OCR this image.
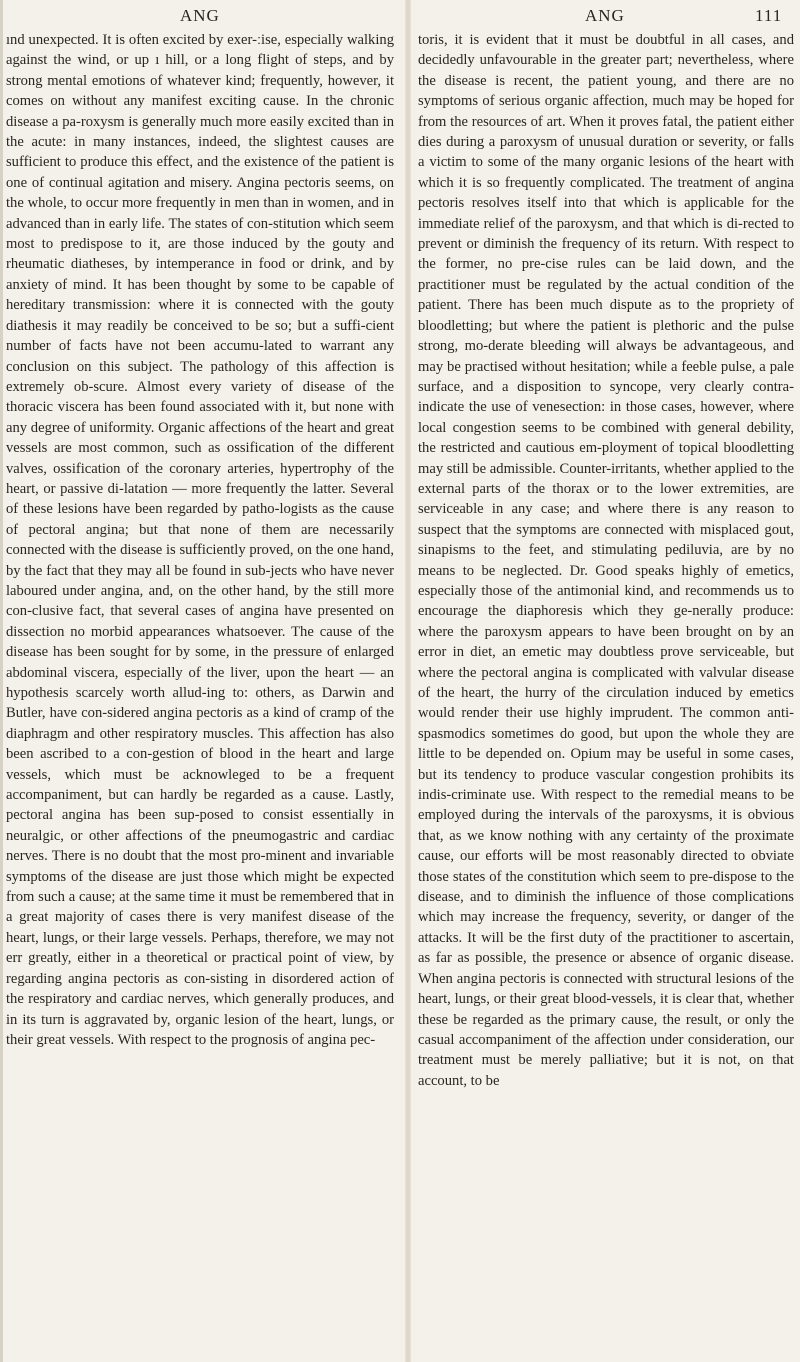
ANG	ANG	111

ınd unexpected. It is often excited by exer-ːise, especially walking against the wind, or up ı hill, or a long flight of steps, and by strong mental emotions of whatever kind; frequently, however, it comes on without any manifest exciting cause. In the chronic disease a pa-roxysm is generally much more easily excited than in the acute: in many instances, indeed, the slightest causes are sufficient to produce this effect, and the existence of the patient is one of continual agitation and misery. Angina pectoris seems, on the whole, to occur more frequently in men than in women, and in advanced than in early life. The states of con-stitution which seem most to predispose to it, are those induced by the gouty and rheumatic diatheses, by intemperance in food or drink, and by anxiety of mind. It has been thought by some to be capable of hereditary transmission: where it is connected with the gouty diathesis it may readily be conceived to be so; but a suffi-cient number of facts have not been accumu-lated to warrant any conclusion on this subject. The pathology of this affection is extremely ob-scure. Almost every variety of disease of the thoracic viscera has been found associated with it, but none with any degree of uniformity. Organic affections of the heart and great vessels are most common, such as ossification of the different valves, ossification of the coronary arteries, hypertrophy of the heart, or passive di-latation — more frequently the latter. Several of these lesions have been regarded by patho-logists as the cause of pectoral angina; but that none of them are necessarily connected with the disease is sufficiently proved, on the one hand, by the fact that they may all be found in sub-jects who have never laboured under angina, and, on the other hand, by the still more con-clusive fact, that several cases of angina have presented on dissection no morbid appearances whatsoever. The cause of the disease has been sought for by some, in the pressure of enlarged abdominal viscera, especially of the liver, upon the heart — an hypothesis scarcely worth allud-ing to: others, as Darwin and Butler, have con-sidered angina pectoris as a kind of cramp of the diaphragm and other respiratory muscles. This affection has also been ascribed to a con-gestion of blood in the heart and large vessels, which must be acknowleged to be a frequent accompaniment, but can hardly be regarded as a cause. Lastly, pectoral angina has been sup-posed to consist essentially in neuralgic, or other affections of the pneumogastric and cardiac nerves. There is no doubt that the most pro-minent and invariable symptoms of the disease are just those which might be expected from such a cause; at the same time it must be remembered that in a great majority of cases there is very manifest disease of the heart, lungs, or their large vessels. Perhaps, therefore, we may not err greatly, either in a theoretical or practical point of view, by regarding angina pectoris as con-sisting in disordered action of the respiratory and cardiac nerves, which generally produces, and in its turn is aggravated by, organic lesion of the heart, lungs, or their great vessels. With respect to the prognosis of angina pec-

toris, it is evident that it must be doubtful in all cases, and decidedly unfavourable in the greater part; nevertheless, where the disease is recent, the patient young, and there are no symptoms of serious organic affection, much may be hoped for from the resources of art. When it proves fatal, the patient either dies during a paroxysm of unusual duration or severity, or falls a victim to some of the many organic lesions of the heart with which it is so frequently complicated. The treatment of angina pectoris resolves itself into that which is applicable for the immediate relief of the paroxysm, and that which is di-rected to prevent or diminish the frequency of its return. With respect to the former, no pre-cise rules can be laid down, and the practitioner must be regulated by the actual condition of the patient. There has been much dispute as to the propriety of bloodletting; but where the patient is plethoric and the pulse strong, mo-derate bleeding will always be advantageous, and may be practised without hesitation; while a feeble pulse, a pale surface, and a disposition to syncope, very clearly contra-indicate the use of venesection: in those cases, however, where local congestion seems to be combined with general debility, the restricted and cautious em-ployment of topical bloodletting may still be admissible. Counter-irritants, whether applied to the external parts of the thorax or to the lower extremities, are serviceable in any case; and where there is any reason to suspect that the symptoms are connected with misplaced gout, sinapisms to the feet, and stimulating pediluvia, are by no means to be neglected. Dr. Good speaks highly of emetics, especially those of the antimonial kind, and recommends us to encourage the diaphoresis which they ge-nerally produce: where the paroxysm appears to have been brought on by an error in diet, an emetic may doubtless prove serviceable, but where the pectoral angina is complicated with valvular disease of the heart, the hurry of the circulation induced by emetics would render their use highly imprudent. The common anti-spasmodics sometimes do good, but upon the whole they are little to be depended on. Opium may be useful in some cases, but its tendency to produce vascular congestion prohibits its indis-criminate use. With respect to the remedial means to be employed during the intervals of the paroxysms, it is obvious that, as we know nothing with any certainty of the proximate cause, our efforts will be most reasonably directed to obviate those states of the constitution which seem to pre-dispose to the disease, and to diminish the influence of those complications which may increase the frequency, severity, or danger of the attacks. It will be the first duty of the practitioner to ascertain, as far as possible, the presence or absence of organic disease. When angina pectoris is connected with structural lesions of the heart, lungs, or their great blood-vessels, it is clear that, whether these be regarded as the primary cause, the result, or only the casual accompaniment of the affection under consideration, our treatment must be merely palliative; but it is not, on that account, to be
